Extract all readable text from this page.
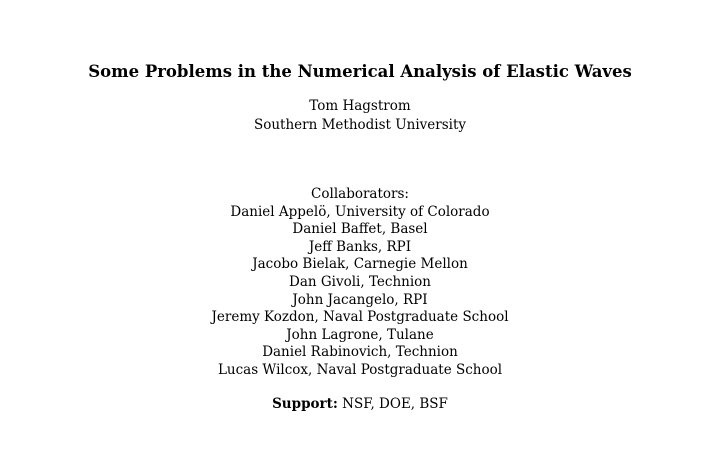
Some Problems in the Numerical Analysis of Elastic Waves
Tom Hagstrom
Southern Methodist University
Collaborators:
Daniel Appelö, University of Colorado
Daniel Baffet, Basel
Jeff Banks, RPI
Jacobo Bielak, Carnegie Mellon
Dan Givoli, Technion
John Jacangelo, RPI
Jeremy Kozdon, Naval Postgraduate School
John Lagrone, Tulane
Daniel Rabinovich, Technion
Lucas Wilcox, Naval Postgraduate School
Support: NSF, DOE, BSF
